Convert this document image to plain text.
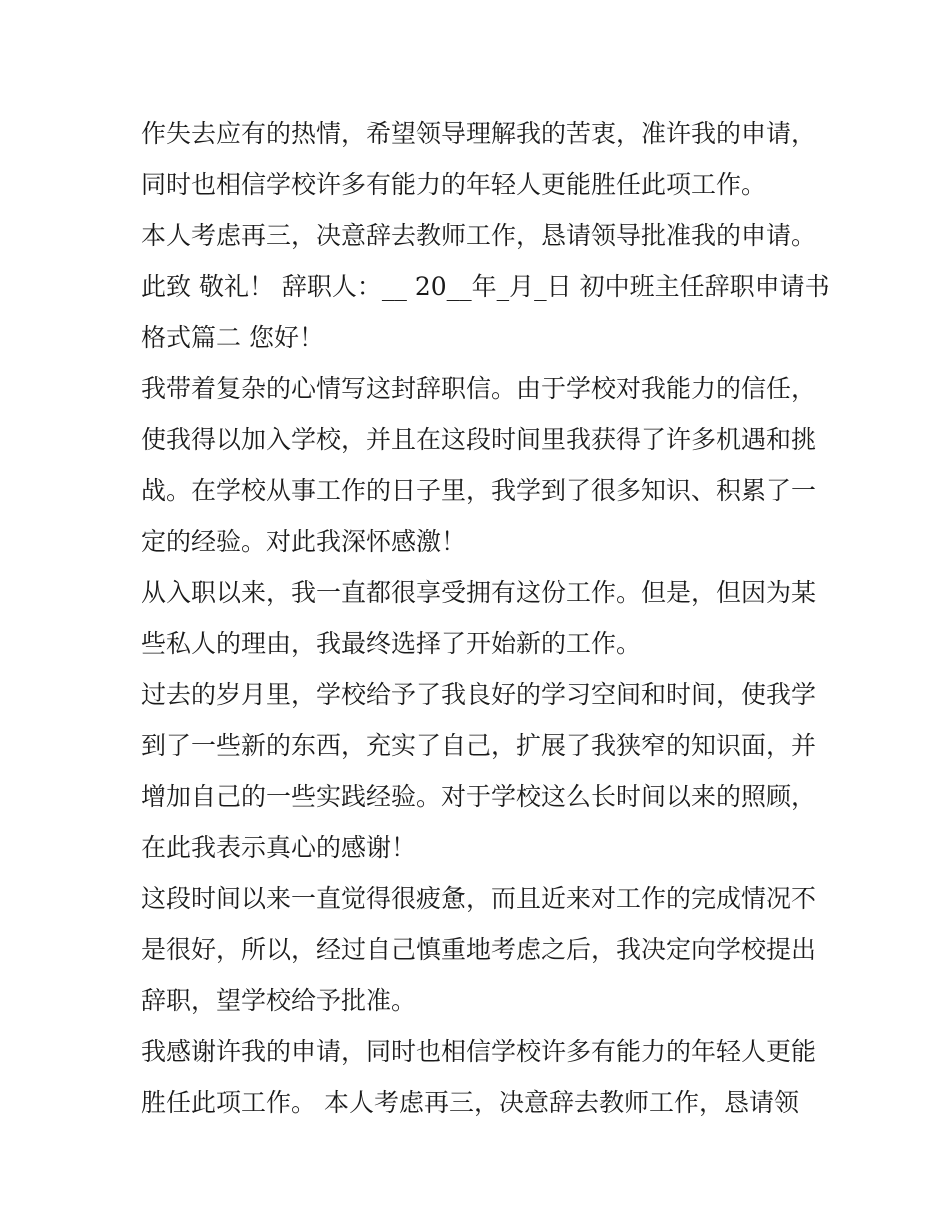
作失去应有的热情，希望领导理解我的苦衷，准许我的申请，
同时也相信学校许多有能力的年轻人更能胜任此项工作。
本人考虑再三，决意辞去教师工作，恳请领导批准我的申请。
此致 敬礼！ 辞职人：__ 20__年_月_日 初中班主任辞职申请书
格式篇二 您好！
我带着复杂的心情写这封辞职信。由于学校对我能力的信任，
使我得以加入学校，并且在这段时间里我获得了许多机遇和挑
战。在学校从事工作的日子里，我学到了很多知识、积累了一
定的经验。对此我深怀感激！
从入职以来，我一直都很享受拥有这份工作。但是，但因为某
些私人的理由，我最终选择了开始新的工作。
过去的岁月里，学校给予了我良好的学习空间和时间，使我学
到了一些新的东西，充实了自己，扩展了我狭窄的知识面，并
增加自己的一些实践经验。对于学校这么长时间以来的照顾，
在此我表示真心的感谢！
这段时间以来一直觉得很疲惫，而且近来对工作的完成情况不
是很好，所以，经过自己慎重地考虑之后，我决定向学校提出
辞职，望学校给予批准。
我感谢许我的申请，同时也相信学校许多有能力的年轻人更能
胜任此项工作。 本人考虑再三，决意辞去教师工作，恳请领
